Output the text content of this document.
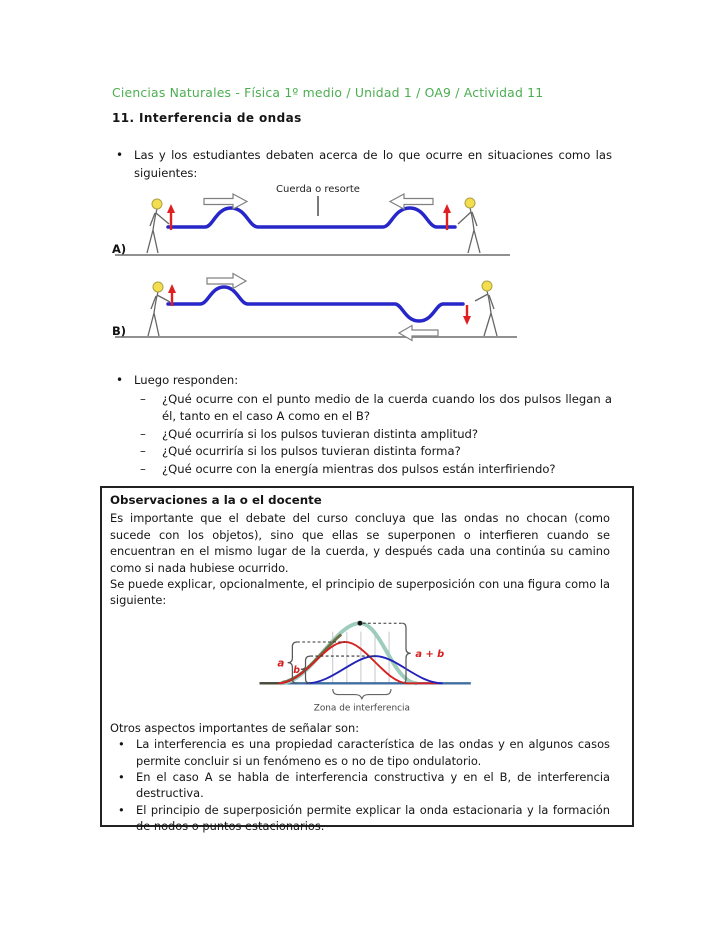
Ciencias Naturales - Física 1º medio / Unidad 1 / OA9 / Actividad 11
11. Interferencia de ondas
• Las y los estudiantes debaten acerca de lo que ocurre en situaciones como las siguientes:
Cuerda o resorte
A)
B)
• Luego responden:
– ¿Qué ocurre con el punto medio de la cuerda cuando los dos pulsos llegan a él, tanto en el caso A como en el B?
– ¿Qué ocurriría si los pulsos tuvieran distinta amplitud?
– ¿Qué ocurriría si los pulsos tuvieran distinta forma?
– ¿Qué ocurre con la energía mientras dos pulsos están interfiriendo?
Observaciones a la o el docente

Es importante que el debate del curso concluya que las ondas no chocan (como sucede con los objetos), sino que ellas se superponen o interfieren cuando se encuentran en el mismo lugar de la cuerda, y después cada una continúa su camino como si nada hubiese ocurrido.

Se puede explicar, opcionalmente, el principio de superposición con una figura como la siguiente:

a
b
a + b
Zona de interferencia

Otros aspectos importantes de señalar son:

• La interferencia es una propiedad característica de las ondas y en algunos casos permite concluir si un fenómeno es o no de tipo ondulatorio.
• En el caso A se habla de interferencia constructiva y en el B, de interferencia destructiva.
• El principio de superposición permite explicar la onda estacionaria y la formación de nodos o puntos estacionarios.
